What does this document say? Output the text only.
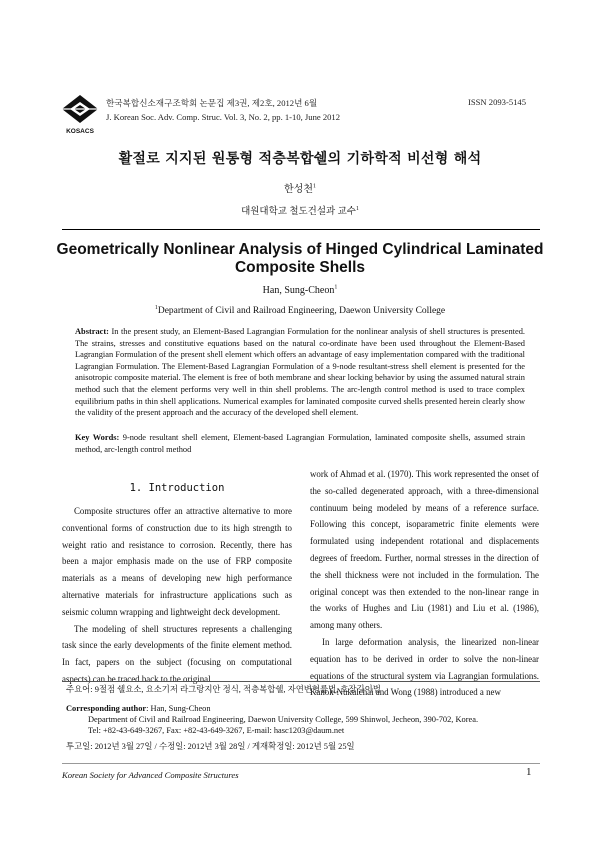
KOSACS
한국복합신소재구조학회 논문집 제3권, 제2호, 2012년 6월
J. Korean Soc. Adv. Comp. Struc. Vol. 3, No. 2, pp. 1-10, June 2012
ISSN 2093-5145
활절로 지지된 원통형 적층복합쉘의 기하학적 비선형 해석
한성천$^1$
대원대학교 철도건설과 교수$^1$
Geometrically Nonlinear Analysis of Hinged Cylindrical Laminated
Composite Shells
Han, Sung-Cheon$^1$
$^1$Department of Civil and Railroad Engineering, Daewon University College
Abstract: In the present study, an Element-Based Lagrangian Formulation for the nonlinear analysis of shell structures is presented. The strains, stresses and constitutive equations based on the natural co-ordinate have been used throughout the Element-Based Lagrangian Formulation of the present shell element which offers an advantage of easy implementation compared with the traditional Lagrangian Formulation. The Element-Based Lagrangian Formulation of a 9-node resultant-stress shell element is presented for the anisotropic composite material. The element is free of both membrane and shear locking behavior by using the assumed natural strain method such that the element performs very well in thin shell problems. The arc-length control method is used to trace complex equilibrium paths in thin shell applications. Numerical examples for laminated composite curved shells presented herein clearly show the validity of the present approach and the accuracy of the developed shell element.
Key Words: 9-node resultant shell element, Element-based Lagrangian Formulation, laminated composite shells, assumed strain method, arc-length control method
1. Introduction

Composite structures offer an attractive alternative to more conventional forms of construction due to its high strength to weight ratio and resistance to corrosion. Recently, there has been a major emphasis made on the use of FRP composite materials as a means of developing new high performance alternative materials for infrastructure applications such as seismic column wrapping and lightweight deck development.

The modeling of shell structures represents a challenging task since the early developments of the finite element method. In fact, papers on the subject (focusing on computational aspects) can be traced back to the original

work of Ahmad et al. (1970). This work represented the onset of the so-called degenerated approach, with a three-dimensional continuum being modeled by means of a reference surface. Following this concept, isoparametric finite elements were formulated using independent rotational and displacements degrees of freedom. Further, normal stresses in the direction of the shell thickness were not included in the formulation. The original concept was then extended to the non-linear range in the works of Hughes and Liu (1981) and Liu et al. (1986), among many others.

In large deformation analysis, the linearized non-linear equation has to be derived in order to solve the non-linear equations of the structural system via Lagrangian formulations. Kanok-Nukulchai and Wong (1988) introduced a new

주요어: 9절점 쉘요소, 요소기저 라그랑지안 정식, 적층복합쉘, 자연변형률법, 호장길이법
Corresponding author: Han, Sung-Cheon
Department of Civil and Railroad Engineering, Daewon University College, 599 Shinwol, Jecheon, 390-702, Korea.
Tel: +82-43-649-3267, Fax: +82-43-649-3267, E-mail: hasc1203@daum.net
투고일: 2012년 3월 27일 / 수정일: 2012년 3월 28일 / 게재확정일: 2012년 5월 25일
Korean Society for Advanced Composite Structures	1
